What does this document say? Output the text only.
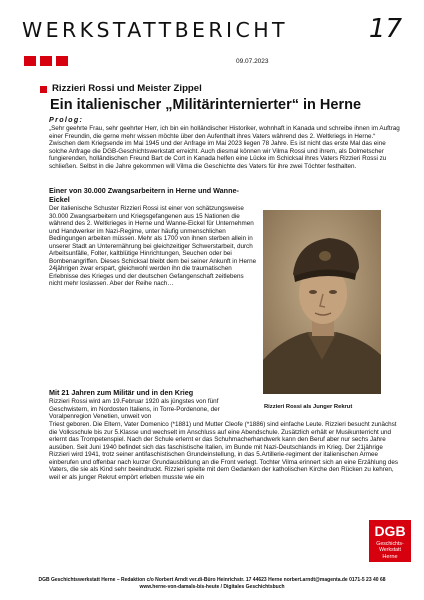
WERKSTATTBERICHT	17
09.07.2023
Rizzieri Rossi und Meister Zippel
Ein italienischer „Militärinternierter“ in Herne
Prolog:

„Sehr geehrte Frau, sehr geehrter Herr, ich bin ein holländischer Historiker, wohnhaft in Kanada und schreibe ihnen im Auftrag einer Freundin, die gerne mehr wissen möchte über den Aufenthalt ihres Vaters während des 2. Weltkriegs in Herne.“ Zwischen dem Kriegsende im Mai 1945 und der Anfrage im Mai 2023 liegen 78 Jahre. Es ist nicht das erste Mal das eine solche Anfrage die DGB-Geschichtswerkstatt erreicht. Auch diesmal können wir Vilma Rossi und ihrem, als Dolmetscher fungierenden, holländischen Freund Bart de Cort in Kanada helfen eine Lücke im Schicksal ihres Vaters Rizzieri Rossi zu schließen. Selbst in die Jahre gekommen will Vilma die Geschichte des Vaters für ihre zwei Töchter festhalten.

Einer von 30.000 Zwangsarbeitern in Herne und Wanne-Eickel

Der italienische Schuster Rizzieri Rossi ist einer von schätzungsweise 30.000 Zwangsarbeitern und Kriegsgefangenen aus 15 Nationen die während des 2. Weltkrieges in Herne und Wanne-Eickel für Unternehmen und Handwerker im Nazi-Regime, unter häufig unmenschlichen Bedingungen arbeiten müssen. Mehr als 1700 von ihnen sterben allein in unserer Stadt an Unterernährung bei gleichzeitiger Schwerstarbeit, durch Arbeitsunfälle, Folter, kaltblütige Hinrichtungen, Seuchen oder bei Bombenangriffen. Dieses Schicksal bleibt dem bei seiner Ankunft in Herne 24jährigen zwar erspart, gleichwohl werden ihn die traumatischen Erlebnisse des Krieges und der deutschen Gefangenschaft zeitlebens nicht mehr loslassen. Aber der Reihe nach…

Rizzieri Rossi als Junger Rekrut
Mit 21 Jahren zum Militär und in den Krieg

Rizzieri Rossi wird am 19.Februar 1920 als jüngstes von fünf Geschwistern, im Nordosten Italiens, in Torre-Pordenone, der Voralpenregion Venetien, unweit von

Triest geboren. Die Eltern, Vater Domenico (*1881) und Mutter Cleofe (*1886) sind einfache Leute. Rizzieri besucht zunächst die Volksschule bis zur 5.Klasse und wechselt im Anschluss auf eine Abendschule. Zusätzlich erhält er Musikunterricht und erlernt das Trompetenspiel. Nach der Schule erlernt er das Schuhmacherhandwerk kann den Beruf aber nur sechs Jahre ausüben. Seit Juni 1940 befindet sich das faschistische Italien, im Bunde mit Nazi-Deutschlands im Krieg. Der 21jährige Rizzieri wird 1941, trotz seiner antifaschistischen Grundeinstellung, in das 5.Artillerie-regiment der italienischen Armee einberufen und offenbar nach kurzer Grundausbildung an die Front verlegt. Tochter Vilma erinnert sich an eine Erzählung des Vaters, die sie als Kind sehr beeindruckt. Rizzieri spielte mit dem Gedanken der katholischen Kirche den Rücken zu kehren, weil er als junger Rekrut empört erleben musste wie ein

DGB
Geschichts-
Werkstatt
Herne
DGB Geschichtswerkstatt Herne – Redaktion c/o Norbert Arndt ver.di-Büro Heinrichstr. 17 44623 Herne norbert.arndt@magenta.de 0171-5 23 40 68
www.herne-von-damals-bis-heute / Digitales Geschichtsbuch
